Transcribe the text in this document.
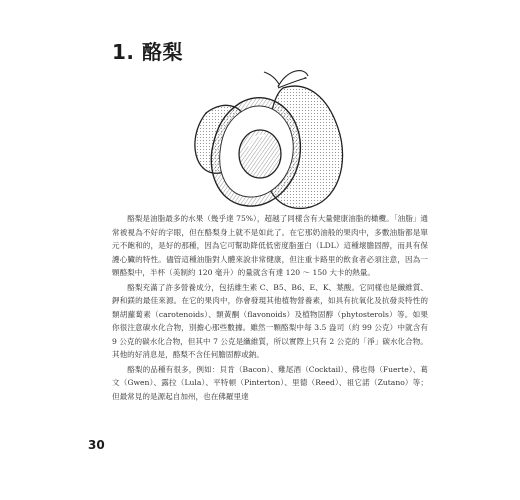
1. 酪梨

酪梨是油脂最多的水果（幾乎達 75%），超越了同樣含有大量健康油脂的橄欖。「油脂」通常被視為不好的字眼，但在酪梨身上就不是如此了。在它那奶油般的果肉中，多數油脂都是單元不飽和的，是好的那種，因為它可幫助降低低密度脂蛋白（LDL）這種壞膽固醇，而具有保護心臟的特性。儘管這種油脂對人體來說非常健康，但注重卡路里的飲食者必須注意，因為一顆酪梨中，半杯（美制約 120 毫升）的量就含有達 120 ～ 150 大卡的熱量。

酪梨充滿了許多營養成分，包括維生素 C、B5、B6、E、K、葉酸。它同樣也是纖維質、鉀和鎂的最佳來源。在它的果肉中，你會發現其他植物營養素，如具有抗氧化及抗發炎特性的類胡蘿蔔素（carotenoids）、類黃酮（flavonoids）及植物固醇（phytosterols）等。如果你很注意碳水化合物，別擔心那些數據。雖然一顆酪梨中每 3.5 盎司（約 99 公克）中就含有 9 公克的碳水化合物，但其中 7 公克是纖維質，所以實際上只有 2 公克的「淨」碳水化合物。其他的好消息是，酪梨不含任何膽固醇或鈉。

酪梨的品種有很多，例如：貝肯（Bacon）、雞尾酒（Cocktail）、佛也得（Fuerte）、葛文（Gwen）、露拉（Lula）、平特頓（Pinterton）、里德（Reed）、祖它諾（Zutano）等；但最常見的是源起自加州，也在佛羅里達

30
